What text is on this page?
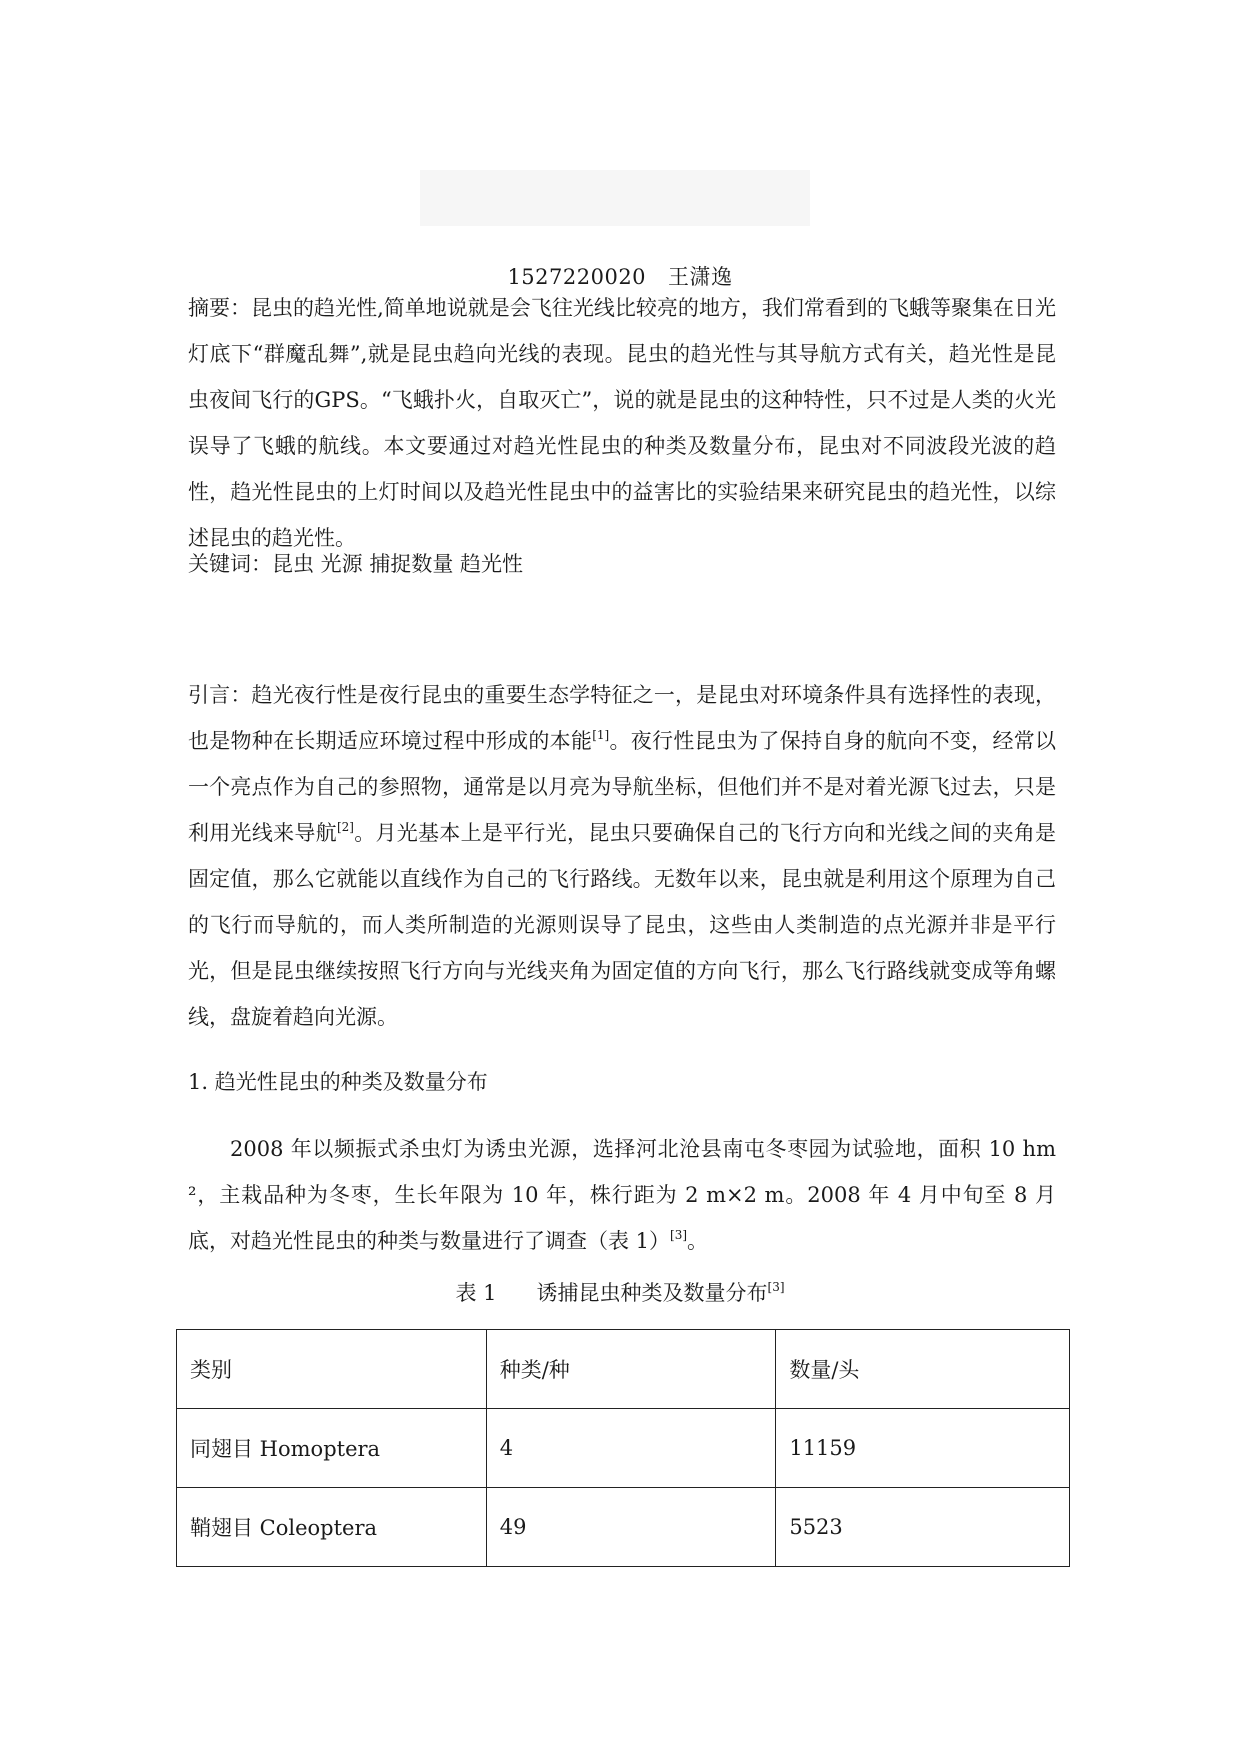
1527220020 王潇逸

摘要：昆虫的趋光性,简单地说就是会飞往光线比较亮的地方，我们常看到的飞蛾等聚集在日光灯底下“群魔乱舞”,就是昆虫趋向光线的表现。昆虫的趋光性与其导航方式有关，趋光性是昆虫夜间飞行的GPS。“飞蛾扑火，自取灭亡”，说的就是昆虫的这种特性，只不过是人类的火光误导了飞蛾的航线。本文要通过对趋光性昆虫的种类及数量分布，昆虫对不同波段光波的趋性，趋光性昆虫的上灯时间以及趋光性昆虫中的益害比的实验结果来研究昆虫的趋光性，以综述昆虫的趋光性。

关键词：昆虫 光源 捕捉数量 趋光性

引言：趋光夜行性是夜行昆虫的重要生态学特征之一，是昆虫对环境条件具有选择性的表现，也是物种在长期适应环境过程中形成的本能[1]。夜行性昆虫为了保持自身的航向不变，经常以一个亮点作为自己的参照物，通常是以月亮为导航坐标，但他们并不是对着光源飞过去，只是利用光线来导航[2]。月光基本上是平行光，昆虫只要确保自己的飞行方向和光线之间的夹角是固定值，那么它就能以直线作为自己的飞行路线。无数年以来，昆虫就是利用这个原理为自己的飞行而导航的，而人类所制造的光源则误导了昆虫，这些由人类制造的点光源并非是平行光，但是昆虫继续按照飞行方向与光线夹角为固定值的方向飞行，那么飞行路线就变成等角螺线，盘旋着趋向光源。

1. 趋光性昆虫的种类及数量分布

2008 年以频振式杀虫灯为诱虫光源，选择河北沧县南屯冬枣园为试验地，面积 10 hm ²，主栽品种为冬枣，生长年限为 10 年，株行距为 2 m×2 m。2008 年 4 月中旬至 8 月底，对趋光性昆虫的种类与数量进行了调查（表 1）[3]。

表 1 诱捕昆虫种类及数量分布[3]
类别	种类/种	数量/头
同翅目 Homoptera	4	11159
鞘翅目 Coleoptera	49	5523
